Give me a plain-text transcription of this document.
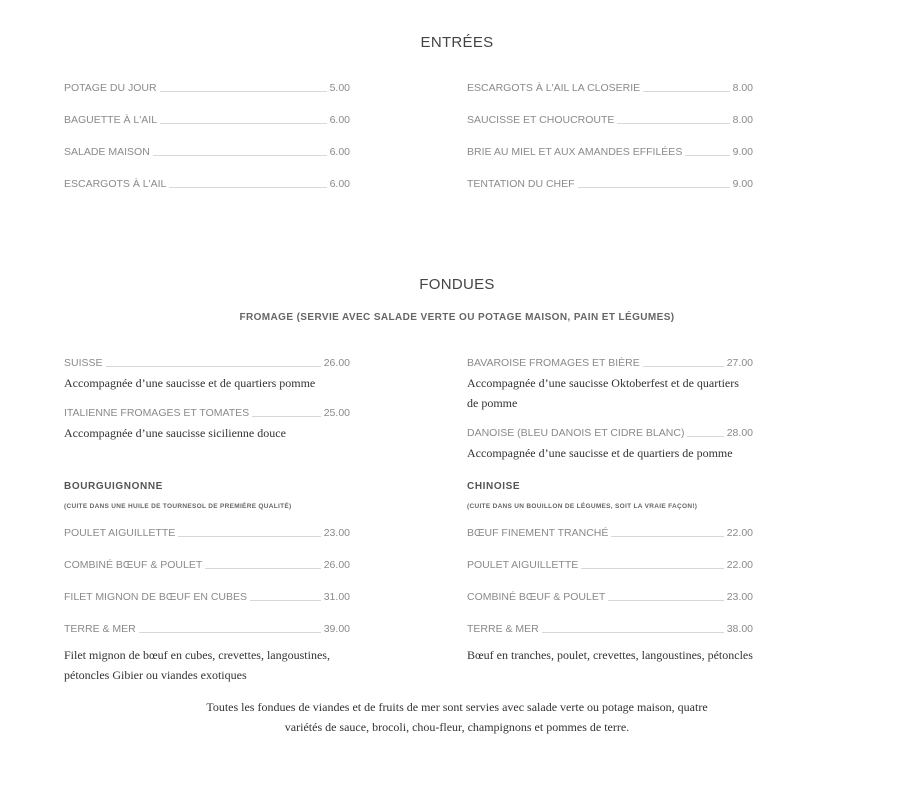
ENTRÉES
POTAGE DU JOUR	5.00
BAGUETTE À L'AIL	6.00
SALADE MAISON	6.00
ESCARGOTS À L'AIL	6.00
ESCARGOTS À L'AIL LA CLOSERIE	8.00
SAUCISSE ET CHOUCROUTE	8.00
BRIE AU MIEL ET AUX AMANDES EFFILÉES	9.00
TENTATION DU CHEF	9.00
FONDUES
FROMAGE (SERVIE AVEC SALADE VERTE OU POTAGE MAISON, PAIN ET LÉGUMES)
SUISSE	26.00
Accompagnée d’une saucisse et de quartiers pomme
ITALIENNE FROMAGES ET TOMATES	25.00
Accompagnée d’une saucisse sicilienne douce
BAVAROISE FROMAGES ET BIÈRE	27.00
Accompagnée d’une saucisse Oktoberfest et de quartiers de pomme
DANOISE (BLEU DANOIS ET CIDRE BLANC)	28.00
Accompagnée d’une saucisse et de quartiers de pomme
BOURGUIGNONNE
(CUITE DANS UNE HUILE DE TOURNESOL DE PREMIÈRE QUALITÉ)
POULET AIGUILLETTE	23.00
COMBINÉ BŒUF & POULET	26.00
FILET MIGNON DE BŒUF EN CUBES	31.00
TERRE & MER	39.00
Filet mignon de bœuf en cubes, crevettes, langoustines, pétoncles Gibier ou viandes exotiques
CHINOISE
(CUITE DANS UN BOUILLON DE LÉGUMES, SOIT LA VRAIE FAÇON!)
BŒUF FINEMENT TRANCHÉ	22.00
POULET AIGUILLETTE	22.00
COMBINÉ BŒUF & POULET	23.00
TERRE & MER	38.00
Bœuf en tranches, poulet, crevettes, langoustines, pétoncles
Toutes les fondues de viandes et de fruits de mer sont servies avec salade verte ou potage maison, quatre variétés de sauce, brocoli, chou-fleur, champignons et pommes de terre.
